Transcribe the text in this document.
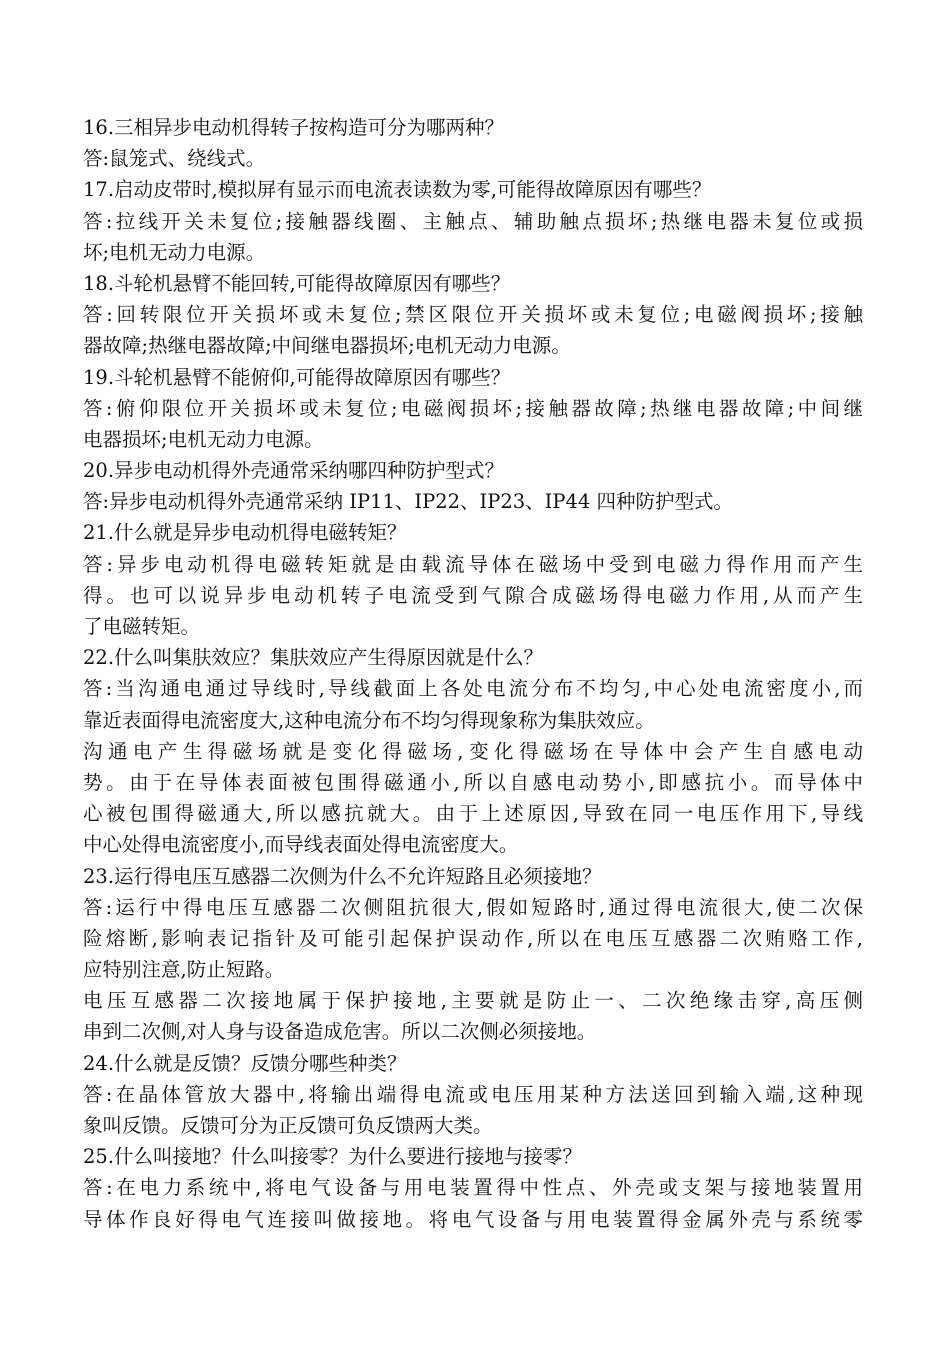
16.三相异步电动机得转子按构造可分为哪两种？
答:鼠笼式、绕线式。
17.启动皮带时,模拟屏有显示而电流表读数为零,可能得故障原因有哪些？
答:拉线开关未复位;接触器线圈、主触点、辅助触点损坏;热继电器未复位或损
坏;电机无动力电源。
18.斗轮机悬臂不能回转,可能得故障原因有哪些？
答:回转限位开关损坏或未复位;禁区限位开关损坏或未复位;电磁阀损坏;接触
器故障;热继电器故障;中间继电器损坏;电机无动力电源。
19.斗轮机悬臂不能俯仰,可能得故障原因有哪些？
答:俯仰限位开关损坏或未复位;电磁阀损坏;接触器故障;热继电器故障;中间继
电器损坏;电机无动力电源。
20.异步电动机得外壳通常采纳哪四种防护型式？
答:异步电动机得外壳通常采纳 IP11、IP22、IP23、IP44 四种防护型式。
21.什么就是异步电动机得电磁转矩？
答:异步电动机得电磁转矩就是由载流导体在磁场中受到电磁力得作用而产生
得。也可以说异步电动机转子电流受到气隙合成磁场得电磁力作用,从而产生
了电磁转矩。
22.什么叫集肤效应？集肤效应产生得原因就是什么？
答:当沟通电通过导线时,导线截面上各处电流分布不均匀,中心处电流密度小,而
靠近表面得电流密度大,这种电流分布不均匀得现象称为集肤效应。
沟通电产生得磁场就是变化得磁场,变化得磁场在导体中会产生自感电动
势。由于在导体表面被包围得磁通小,所以自感电动势小,即感抗小。而导体中
心被包围得磁通大,所以感抗就大。由于上述原因,导致在同一电压作用下,导线
中心处得电流密度小,而导线表面处得电流密度大。
23.运行得电压互感器二次侧为什么不允许短路且必须接地？
答:运行中得电压互感器二次侧阻抗很大,假如短路时,通过得电流很大,使二次保
险熔断,影响表记指针及可能引起保护误动作,所以在电压互感器二次贿赂工作,
应特别注意,防止短路。
电压互感器二次接地属于保护接地,主要就是防止一、二次绝缘击穿,高压侧
串到二次侧,对人身与设备造成危害。所以二次侧必须接地。
24.什么就是反馈？反馈分哪些种类？
答:在晶体管放大器中,将输出端得电流或电压用某种方法送回到输入端,这种现
象叫反馈。反馈可分为正反馈可负反馈两大类。
25.什么叫接地？什么叫接零？为什么要进行接地与接零？
答:在电力系统中,将电气设备与用电装置得中性点、外壳或支架与接地装置用
导体作良好得电气连接叫做接地。将电气设备与用电装置得金属外壳与系统零
